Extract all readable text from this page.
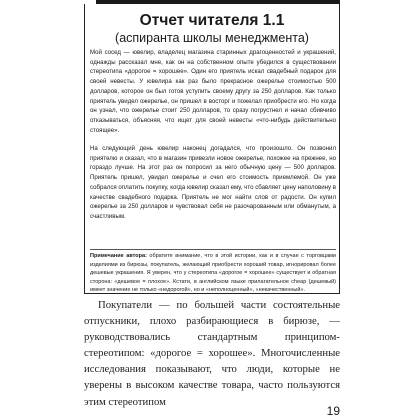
Отчет читателя 1.1
(аспиранта школы менеджмента)

Мой сосед — ювелир, владелец магазина старинных драгоценностей и украшений, однажды рассказал мне, как он на собственном опыте убедился в существовании стереотипа «дорогое = хорошее». Один его приятель искал свадебный подарок для своей невесты. У ювелира как раз было прекрасное ожерелье стоимостью 500 долларов, которое он был готов уступить своему другу за 250 долларов. Как только приятель увидел ожерелье, он пришел в восторг и пожелал приобрести его. Но когда он узнал, что ожерелье стоит 250 долларов, то сразу погрустнел и начал сбивчиво отказываться, объясняя, что ищет для своей невесты «что-нибудь действительно стоящее».

На следующий день ювелир наконец догадался, что произошло. Он позвонил приятелю и сказал, что в магазин привезли новое ожерелье, похожее на прежнее, но гораздо лучше. На этот раз он попросил за него обычную цену — 500 долларов. Приятель пришел, увидел ожерелье и счел его стоимость приемлемой. Он уже собрался оплатить покупку, когда ювелир сказал ему, что сбавляет цену наполовину в качестве свадебного подарка. Приятель не мог найти слов от радости. Он купил ожерелье за 250 долларов и чувствовал себя не разочарованным или обманутым, а счастливым.

Примечание автора: обратите внимание, что в этой истории, как и в случае с торговцами изделиями из бирюзы, покупатель, желающий приобрести хороший товар, игнорировал более дешевые украшения. Я уверен, что у стереотипа «дорогое = хорошее» существует и обратная сторона: «дешевое = плохое». Кстати, в английском языке прилагательное cheap (дешевый) имеет значение не только «недорогой», но и «неполноценный», «некачественный».

Покупатели — по большей части состоятельные отпускники, плохо разбирающиеся в бирюзе, — руководствовались стандартным принципом-стереотипом: «дорогое = хорошее». Многочисленные исследования показывают, что люди, которые не уверены в высоком качестве товара, часто пользуются этим стереотипом

19
